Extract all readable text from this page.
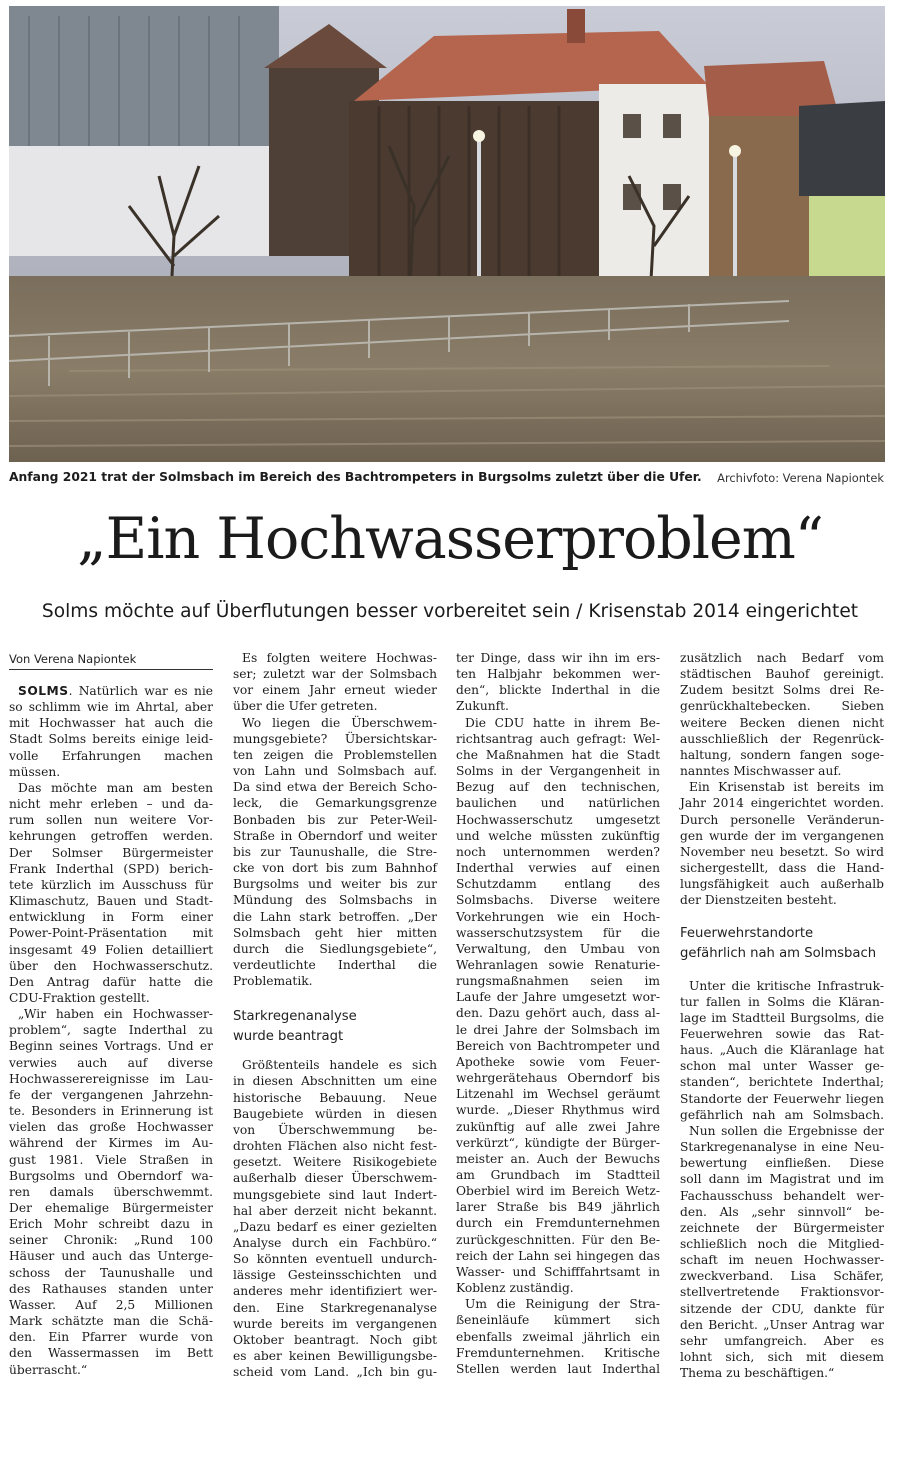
Anfang 2021 trat der Solmsbach im Bereich des Bachtrompeters in Burgsolms zuletzt über die Ufer. Archivfoto: Verena Napiontek
„Ein Hochwasserproblem“
Solms möchte auf Überflutungen besser vorbereitet sein / Krisenstab 2014 eingerichtet
Von Verena Napiontek
SOLMS. Natürlich war es nie
so schlimm wie im Ahrtal, aber
mit Hochwasser hat auch die
Stadt Solms bereits einige leid-
volle Erfahrungen machen
müssen.
Das möchte man am besten
nicht mehr erleben – und da-
rum sollen nun weitere Vor-
kehrungen getroffen werden.
Der Solmser Bürgermeister
Frank Inderthal (SPD) berich-
tete kürzlich im Ausschuss für
Klimaschutz, Bauen und Stadt-
entwicklung in Form einer
Power-Point-Präsentation mit
insgesamt 49 Folien detailliert
über den Hochwasserschutz.
Den Antrag dafür hatte die
CDU-Fraktion gestellt.
„Wir haben ein Hochwasser-
problem“, sagte Inderthal zu
Beginn seines Vortrags. Und er
verwies auch auf diverse
Hochwasserereignisse im Lau-
fe der vergangenen Jahrzehn-
te. Besonders in Erinnerung ist
vielen das große Hochwasser
während der Kirmes im Au-
gust 1981. Viele Straßen in
Burgsolms und Oberndorf wa-
ren damals überschwemmt.
Der ehemalige Bürgermeister
Erich Mohr schreibt dazu in
seiner Chronik: „Rund 100
Häuser und auch das Unterge-
schoss der Taunushalle und
des Rathauses standen unter
Wasser. Auf 2,5 Millionen
Mark schätzte man die Schä-
den. Ein Pfarrer wurde von
den Wassermassen im Bett
überrascht.“
Es folgten weitere Hochwas-
ser; zuletzt war der Solmsbach
vor einem Jahr erneut wieder
über die Ufer getreten.
Wo liegen die Überschwem-
mungsgebiete? Übersichtskar-
ten zeigen die Problemstellen
von Lahn und Solmsbach auf.
Da sind etwa der Bereich Scho-
leck, die Gemarkungsgrenze
Bonbaden bis zur Peter-Weil-
Straße in Oberndorf und weiter
bis zur Taunushalle, die Stre-
cke von dort bis zum Bahnhof
Burgsolms und weiter bis zur
Mündung des Solmsbachs in
die Lahn stark betroffen. „Der
Solmsbach geht hier mitten
durch die Siedlungsgebiete“,
verdeutlichte Inderthal die
Problematik.
Starkregenanalyse
wurde beantragt
Größtenteils handele es sich
in diesen Abschnitten um eine
historische Bebauung. Neue
Baugebiete würden in diesen
von Überschwemmung be-
drohten Flächen also nicht fest-
gesetzt. Weitere Risikogebiete
außerhalb dieser Überschwem-
mungsgebiete sind laut Indert-
hal aber derzeit nicht bekannt.
„Dazu bedarf es einer gezielten
Analyse durch ein Fachbüro.“
So könnten eventuell undurch-
lässige Gesteinsschichten und
anderes mehr identifiziert wer-
den. Eine Starkregenanalyse
wurde bereits im vergangenen
Oktober beantragt. Noch gibt
es aber keinen Bewilligungsbe-
scheid vom Land. „Ich bin gu-
ter Dinge, dass wir ihn im ers-
ten Halbjahr bekommen wer-
den“, blickte Inderthal in die
Zukunft.
Die CDU hatte in ihrem Be-
richtsantrag auch gefragt: Wel-
che Maßnahmen hat die Stadt
Solms in der Vergangenheit in
Bezug auf den technischen,
baulichen und natürlichen
Hochwasserschutz umgesetzt
und welche müssten zukünftig
noch unternommen werden?
Inderthal verwies auf einen
Schutzdamm entlang des
Solmsbachs. Diverse weitere
Vorkehrungen wie ein Hoch-
wasserschutzsystem für die
Verwaltung, den Umbau von
Wehranlagen sowie Renaturie-
rungsmaßnahmen seien im
Laufe der Jahre umgesetzt wor-
den. Dazu gehört auch, dass al-
le drei Jahre der Solmsbach im
Bereich von Bachtrompeter und
Apotheke sowie vom Feuer-
wehrgerätehaus Oberndorf bis
Litzenahl im Wechsel geräumt
wurde. „Dieser Rhythmus wird
zukünftig auf alle zwei Jahre
verkürzt“, kündigte der Bürger-
meister an. Auch der Bewuchs
am Grundbach im Stadtteil
Oberbiel wird im Bereich Wetz-
larer Straße bis B49 jährlich
durch ein Fremdunternehmen
zurückgeschnitten. Für den Be-
reich der Lahn sei hingegen das
Wasser- und Schifffahrtsamt in
Koblenz zuständig.
Um die Reinigung der Stra-
ßeneinläufe kümmert sich
ebenfalls zweimal jährlich ein
Fremdunternehmen. Kritische
Stellen werden laut Inderthal
zusätzlich nach Bedarf vom
städtischen Bauhof gereinigt.
Zudem besitzt Solms drei Re-
genrückhaltebecken. Sieben
weitere Becken dienen nicht
ausschließlich der Regenrück-
haltung, sondern fangen soge-
nanntes Mischwasser auf.
Ein Krisenstab ist bereits im
Jahr 2014 eingerichtet worden.
Durch personelle Veränderun-
gen wurde der im vergangenen
November neu besetzt. So wird
sichergestellt, dass die Hand-
lungsfähigkeit auch außerhalb
der Dienstzeiten besteht.
Feuerwehrstandorte
gefährlich nah am Solmsbach
Unter die kritische Infrastruk-
tur fallen in Solms die Kläran-
lage im Stadtteil Burgsolms, die
Feuerwehren sowie das Rat-
haus. „Auch die Kläranlage hat
schon mal unter Wasser ge-
standen“, berichtete Inderthal;
Standorte der Feuerwehr liegen
gefährlich nah am Solmsbach.
Nun sollen die Ergebnisse der
Starkregenanalyse in eine Neu-
bewertung einfließen. Diese
soll dann im Magistrat und im
Fachausschuss behandelt wer-
den. Als „sehr sinnvoll“ be-
zeichnete der Bürgermeister
schließlich noch die Mitglied-
schaft im neuen Hochwasser-
zweckverband. Lisa Schäfer,
stellvertretende Fraktionsvor-
sitzende der CDU, dankte für
den Bericht. „Unser Antrag war
sehr umfangreich. Aber es
lohnt sich, sich mit diesem
Thema zu beschäftigen.“
